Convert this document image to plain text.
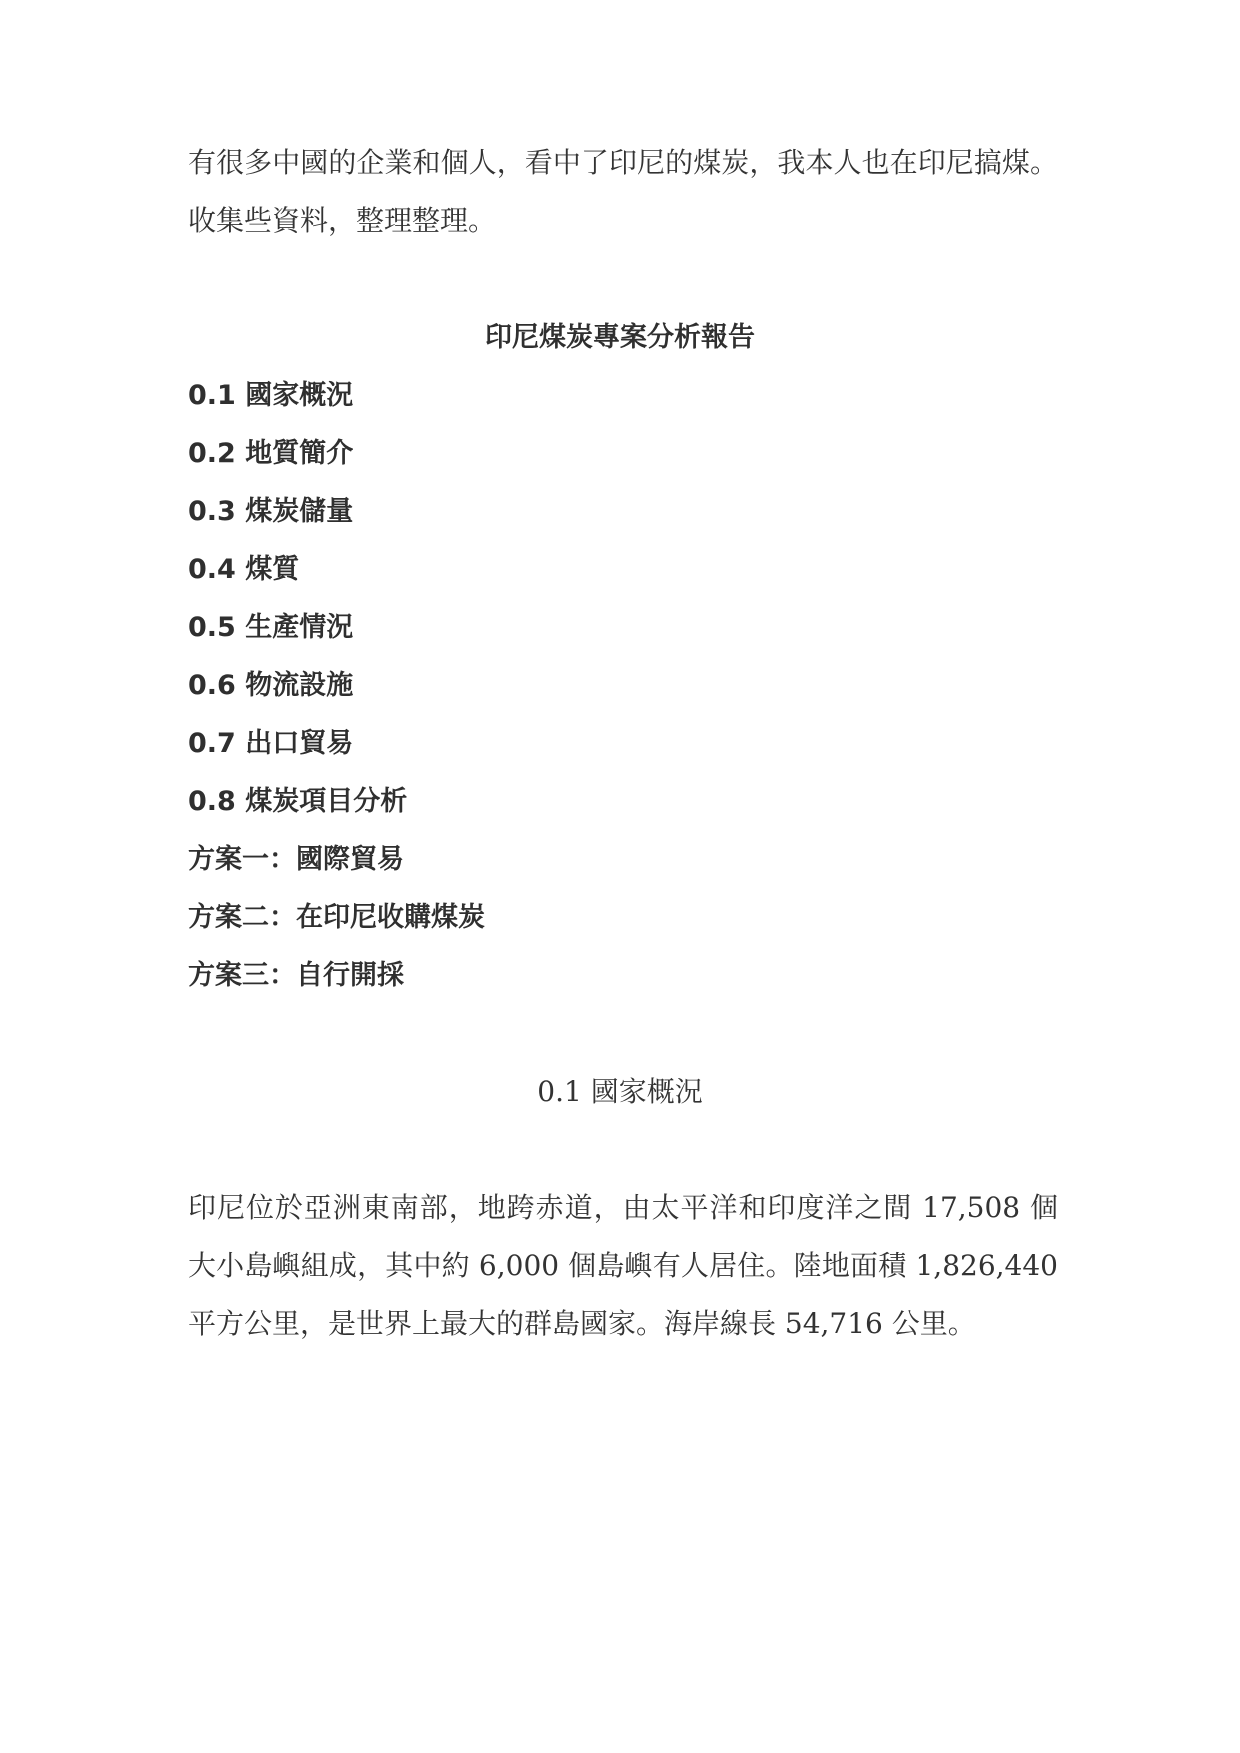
有很多中國的企業和個人，看中了印尼的煤炭，我本人也在印尼搞煤。
收集些資料，整理整理。
印尼煤炭專案分析報告
0.1 國家概況
0.2 地質簡介
0.3 煤炭儲量
0.4 煤質
0.5 生產情況
0.6 物流設施
0.7 出口貿易
0.8 煤炭項目分析
方案一：國際貿易
方案二：在印尼收購煤炭
方案三：自行開採
0.1 國家概況
印尼位於亞洲東南部，地跨赤道，由太平洋和印度洋之間 17,508 個
大小島嶼組成，其中約 6,000 個島嶼有人居住。陸地面積 1,826,440
平方公里，是世界上最大的群島國家。海岸線長 54,716 公里。
